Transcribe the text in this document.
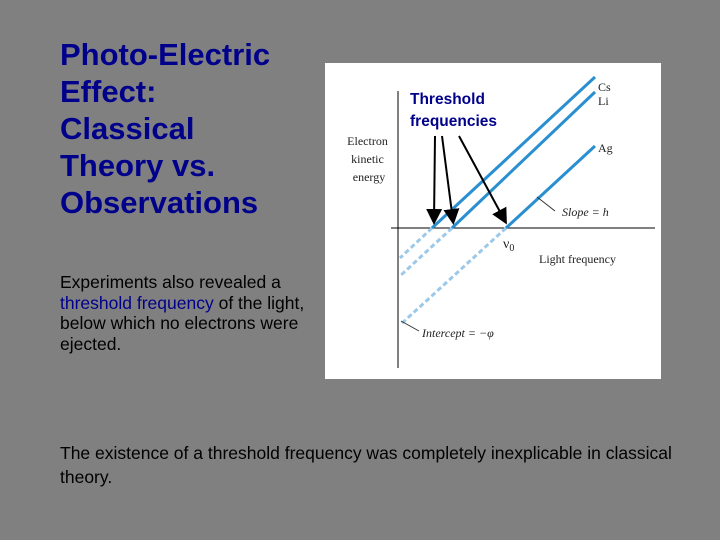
Photo-Electric
Effect:
Classical
Theory vs.
Observations

Experiments also revealed a threshold frequency of the light, below which no electrons were ejected.

The existence of a threshold frequency was completely inexplicable in classical theory.

Cs
Li
Ag
Electron kinetic energy
Threshold frequencies
Slope = h
$\nu_0$
Light frequency
Intercept = −φ
